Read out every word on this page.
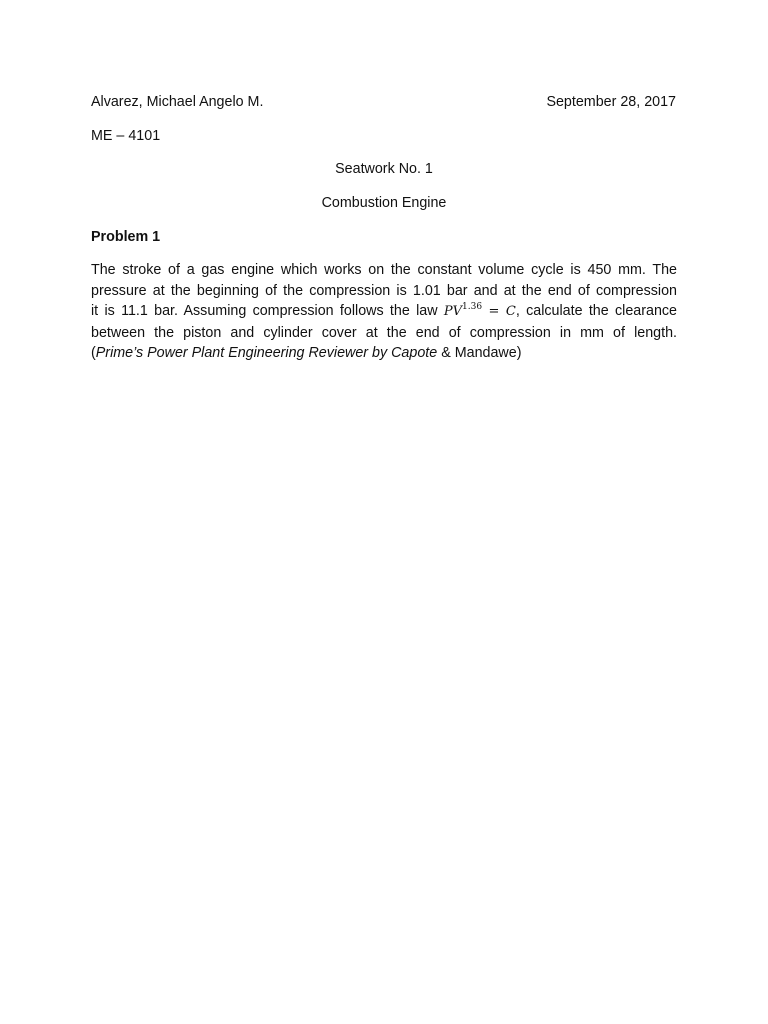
Alvarez, Michael Angelo M.	September 28, 2017
ME – 4101
Seatwork No. 1
Combustion Engine
Problem 1
The stroke of a gas engine which works on the constant volume cycle is 450 mm. The
pressure at the beginning of the compression is 1.01 bar and at the end of compression
it is 11.1 bar. Assuming compression follows the law $PV^{1.36} = C$, calculate the clearance
between the piston and cylinder cover at the end of compression in mm of length.
(Prime’s Power Plant Engineering Reviewer by Capote & Mandawe)
